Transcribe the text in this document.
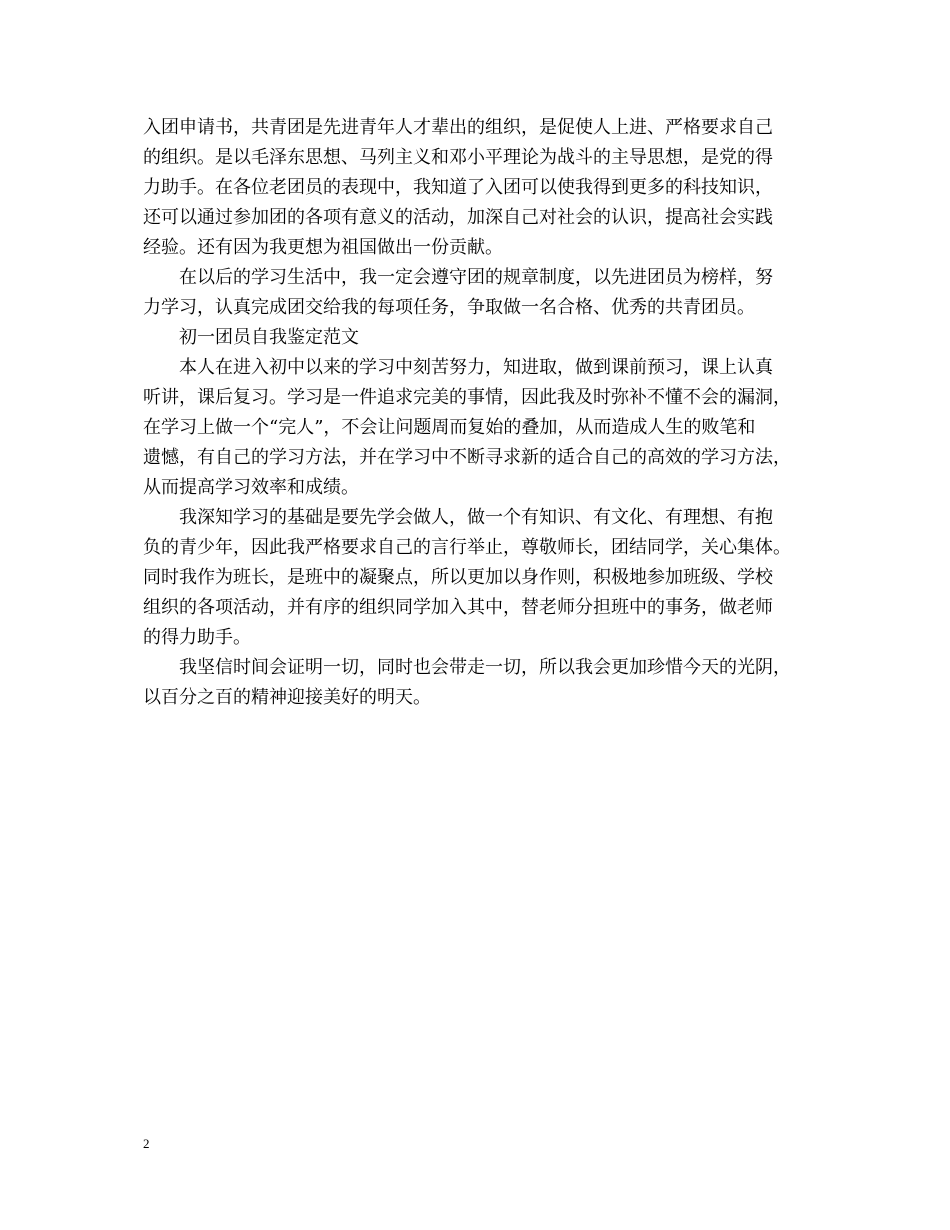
入团申请书，共青团是先进青年人才辈出的组织，是促使人上进、严格要求自己

的组织。是以毛泽东思想、马列主义和邓小平理论为战斗的主导思想，是党的得

力助手。在各位老团员的表现中，我知道了入团可以使我得到更多的科技知识，

还可以通过参加团的各项有意义的活动，加深自己对社会的认识，提高社会实践

经验。还有因为我更想为祖国做出一份贡献。

在以后的学习生活中，我一定会遵守团的规章制度，以先进团员为榜样，努

力学习，认真完成团交给我的每项任务，争取做一名合格、优秀的共青团员。

初一团员自我鉴定范文

本人在进入初中以来的学习中刻苦努力，知进取，做到课前预习，课上认真

听讲，课后复习。学习是一件追求完美的事情，因此我及时弥补不懂不会的漏洞，

在学习上做一个“完人”，不会让问题周而复始的叠加，从而造成人生的败笔和

遗憾，有自己的学习方法，并在学习中不断寻求新的适合自己的高效的学习方法，

从而提高学习效率和成绩。

我深知学习的基础是要先学会做人，做一个有知识、有文化、有理想、有抱

负的青少年，因此我严格要求自己的言行举止，尊敬师长，团结同学，关心集体。

同时我作为班长，是班中的凝聚点，所以更加以身作则，积极地参加班级、学校

组织的各项活动，并有序的组织同学加入其中，替老师分担班中的事务，做老师

的得力助手。

我坚信时间会证明一切，同时也会带走一切，所以我会更加珍惜今天的光阴，

以百分之百的精神迎接美好的明天。

2
